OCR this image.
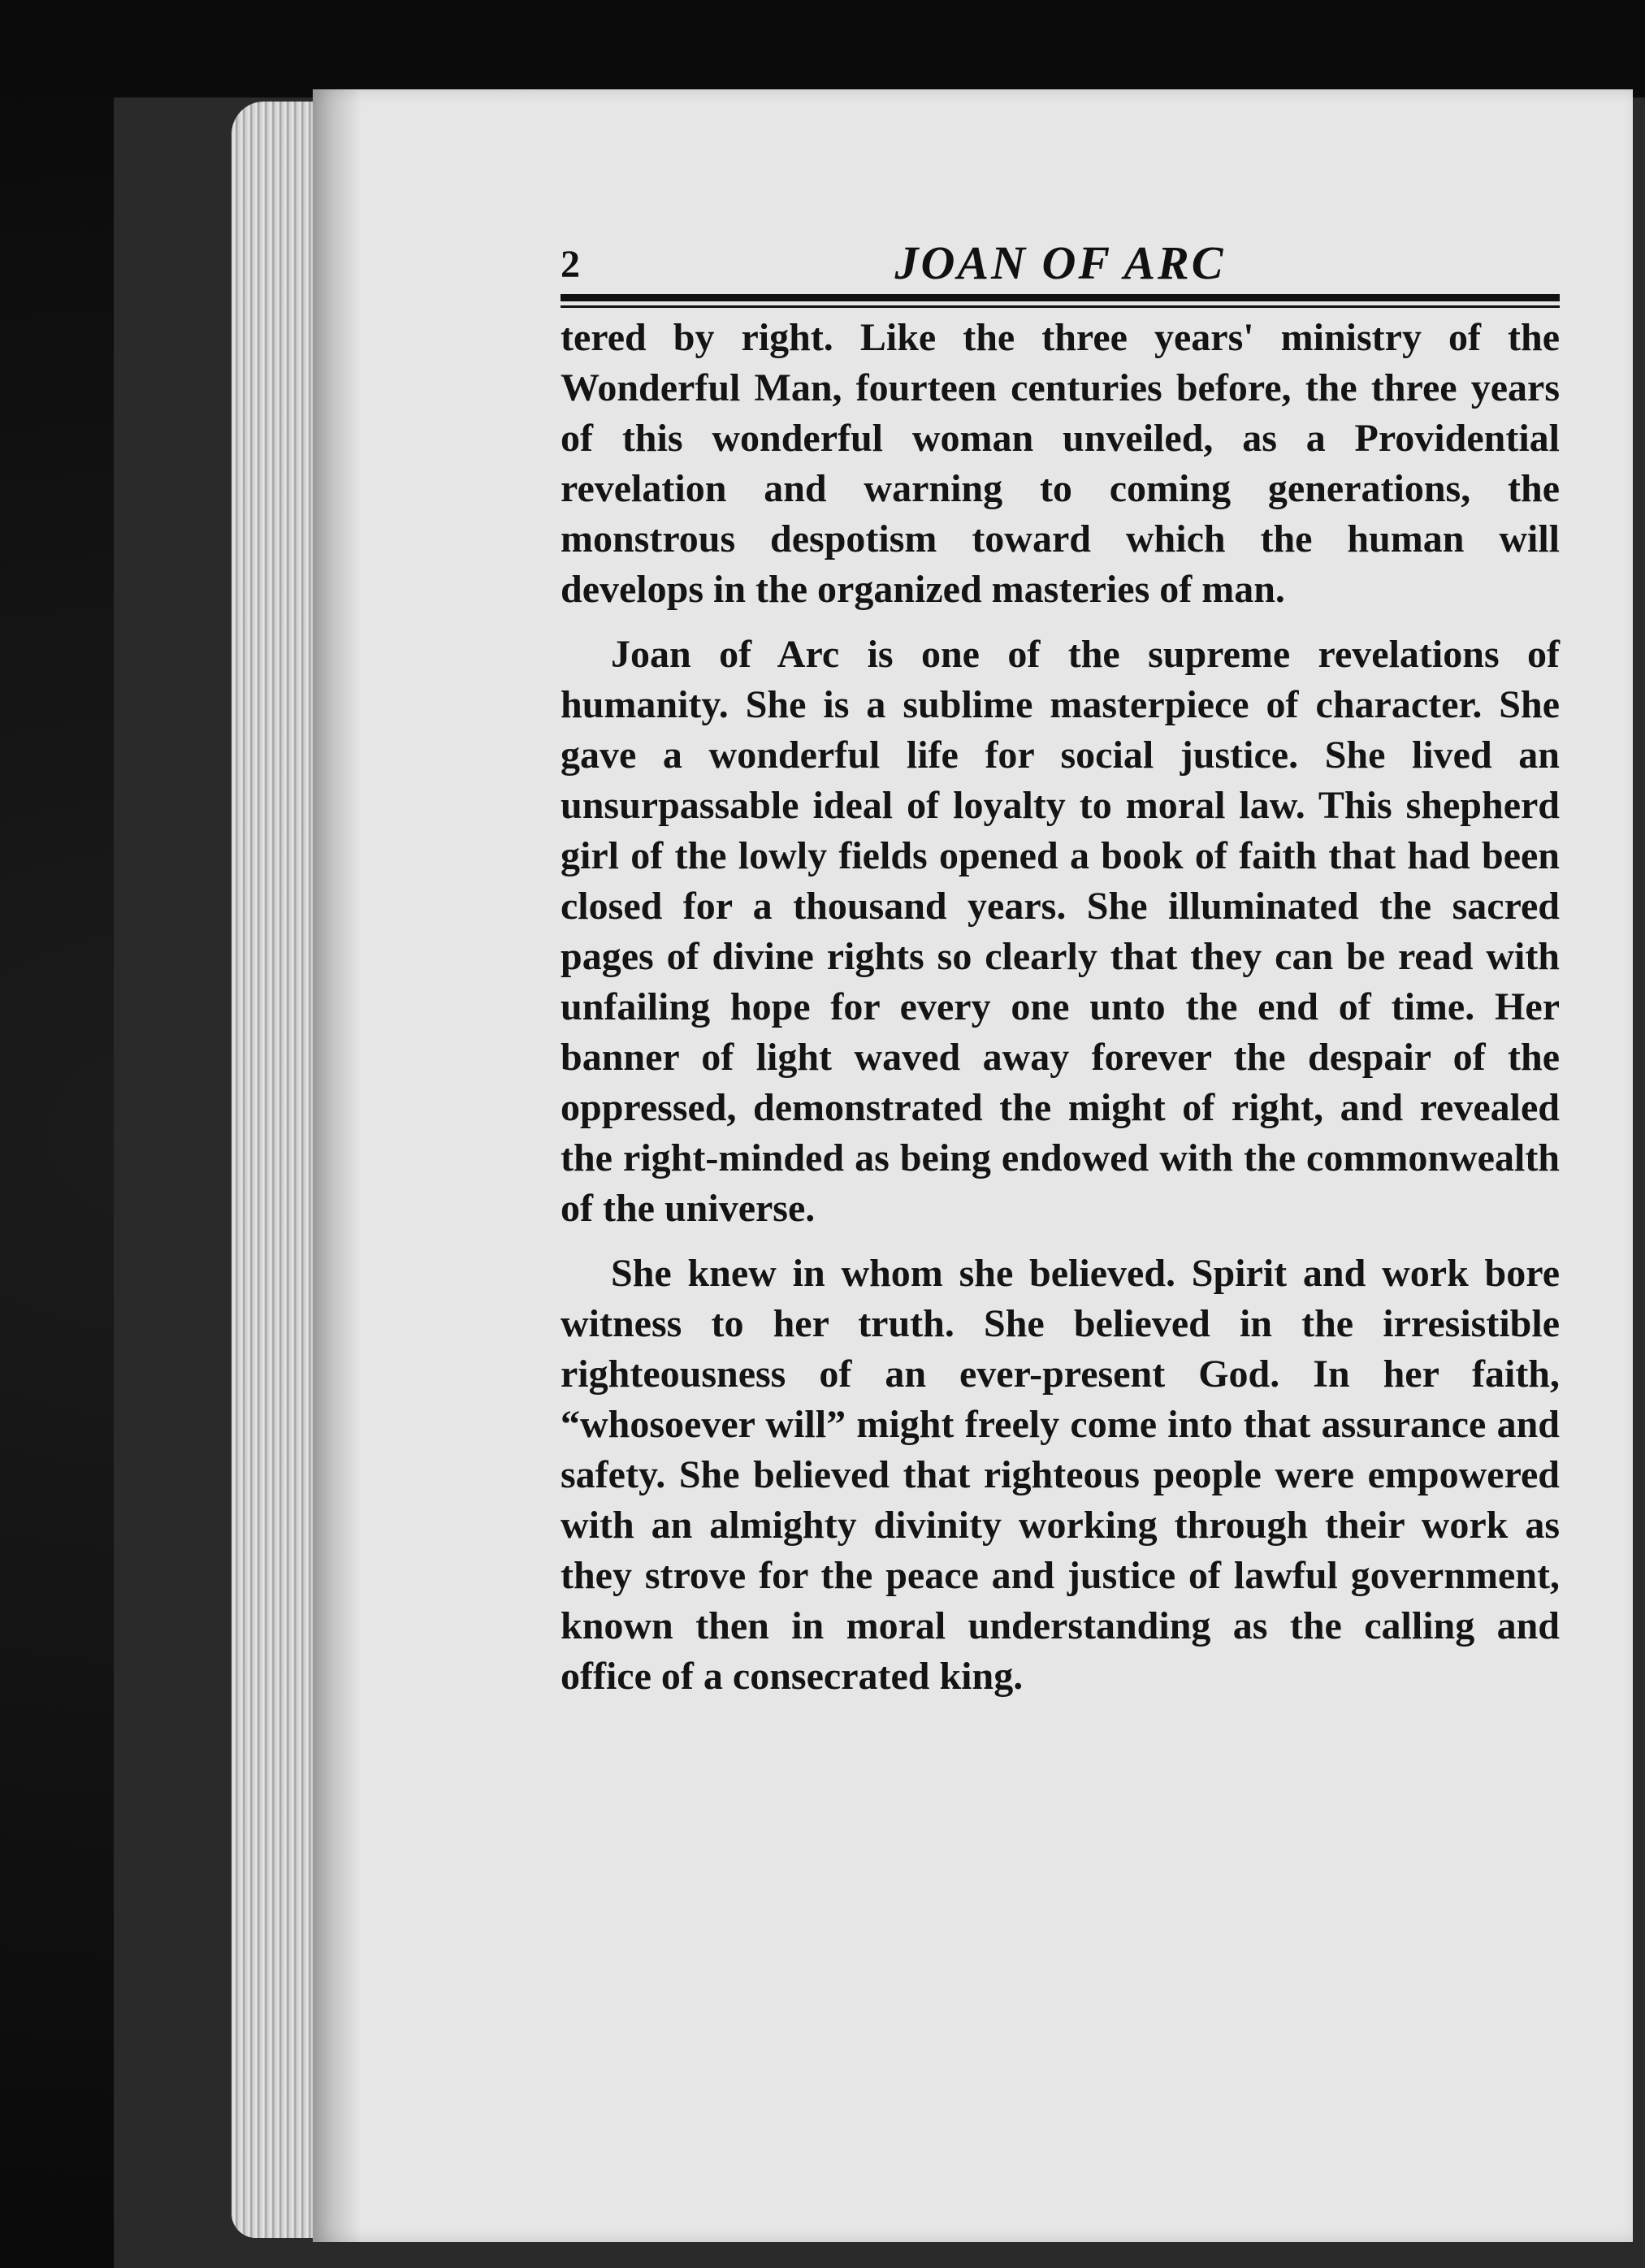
2	JOAN OF ARC

tered by right. Like the three years' ministry of the Wonderful Man, fourteen centuries before, the three years of this wonderful woman unveiled, as a Providential revelation and warning to coming generations, the monstrous despotism toward which the human will develops in the organized masteries of man.

Joan of Arc is one of the supreme revelations of humanity. She is a sublime masterpiece of character. She gave a wonderful life for social justice. She lived an unsurpassable ideal of loyalty to moral law. This shepherd girl of the lowly fields opened a book of faith that had been closed for a thousand years. She illuminated the sacred pages of divine rights so clearly that they can be read with unfailing hope for every one unto the end of time. Her banner of light waved away forever the despair of the oppressed, demonstrated the might of right, and revealed the right-minded as being endowed with the commonwealth of the universe.

She knew in whom she believed. Spirit and work bore witness to her truth. She believed in the irresistible righteousness of an ever-present God. In her faith, “whosoever will” might freely come into that assurance and safety. She believed that righteous people were empowered with an almighty divinity working through their work as they strove for the peace and justice of lawful government, known then in moral understanding as the calling and office of a consecrated king.
